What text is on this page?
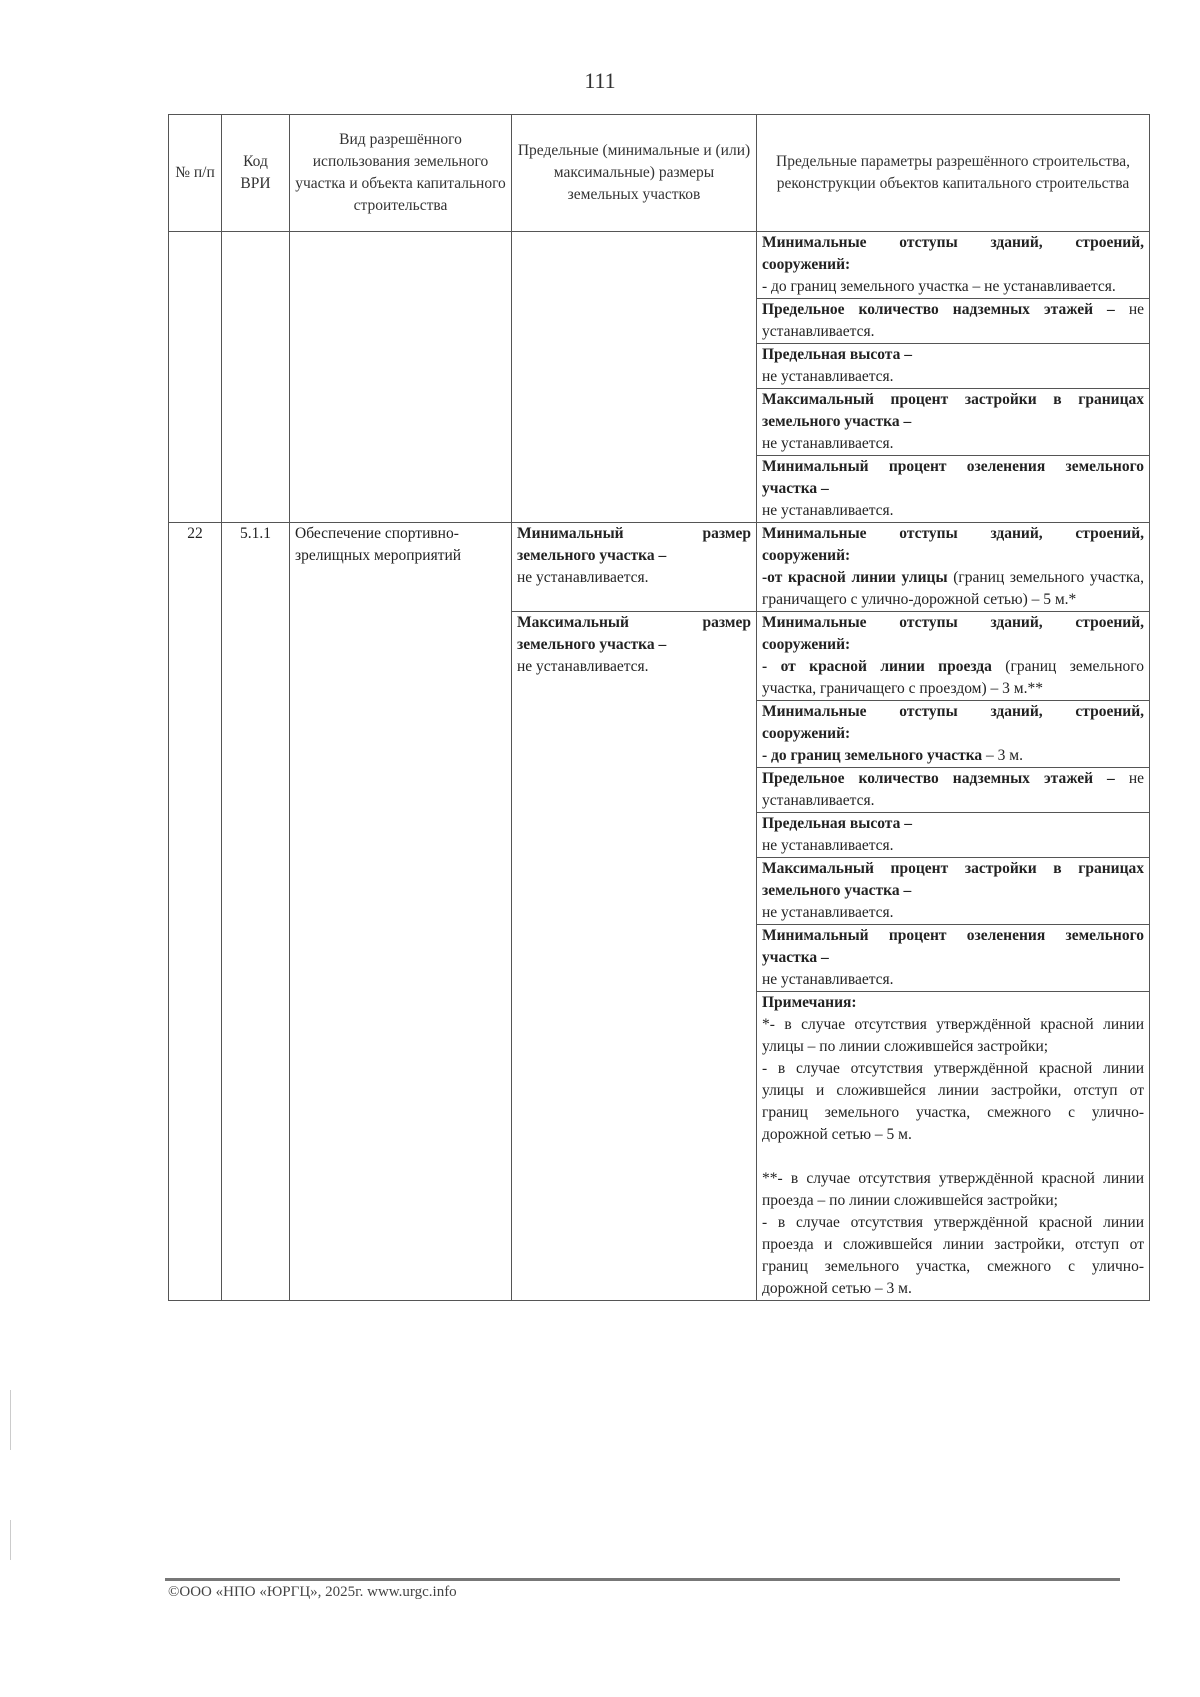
111
№ п/п	Код ВРИ	Вид разрешённого использования земельного участка и объекта капитального строительства	Предельные (минимальные и (или) максимальные) размеры земельных участков	Предельные параметры разрешённого строительства, реконструкции объектов капитального строительства
				Минимальные отступы зданий, строений, сооружений:
- до границ земельного участка – не устанавливается.
				Предельное количество надземных этажей – не устанавливается.
				Предельная высота –
не устанавливается.
				Максимальный процент застройки в границах земельного участка –
не устанавливается.
				Минимальный процент озеленения земельного участка –
не устанавливается.
22	5.1.1	Обеспечение спортивно-зрелищных мероприятий	Минимальный размер земельного участка –
не устанавливается.	Минимальные отступы зданий, строений, сооружений:
-от красной линии улицы (границ земельного участка, граничащего с улично-дорожной сетью) – 5 м.*
			Максимальный размер земельного участка –
не устанавливается.	Минимальные отступы зданий, строений, сооружений:
- от красной линии проезда (границ земельного участка, граничащего с проездом) – 3 м.**
				Минимальные отступы зданий, строений, сооружений:
- до границ земельного участка – 3 м.
				Предельное количество надземных этажей – не устанавливается.
				Предельная высота –
не устанавливается.
				Максимальный процент застройки в границах земельного участка –
не устанавливается.
				Минимальный процент озеленения земельного участка –
не устанавливается.
				Примечания:

*- в случае отсутствия утверждённой красной линии улицы – по линии сложившейся застройки;

- в случае отсутствия утверждённой красной линии улицы и сложившейся линии застройки, отступ от границ земельного участка, смежного с улично-дорожной сетью – 5 м.

**- в случае отсутствия утверждённой красной линии проезда – по линии сложившейся застройки;

- в случае отсутствия утверждённой красной линии проезда и сложившейся линии застройки, отступ от границ земельного участка, смежного с улично-дорожной сетью – 3 м.

©ООО «НПО «ЮРГЦ», 2025г. www.urgc.info
